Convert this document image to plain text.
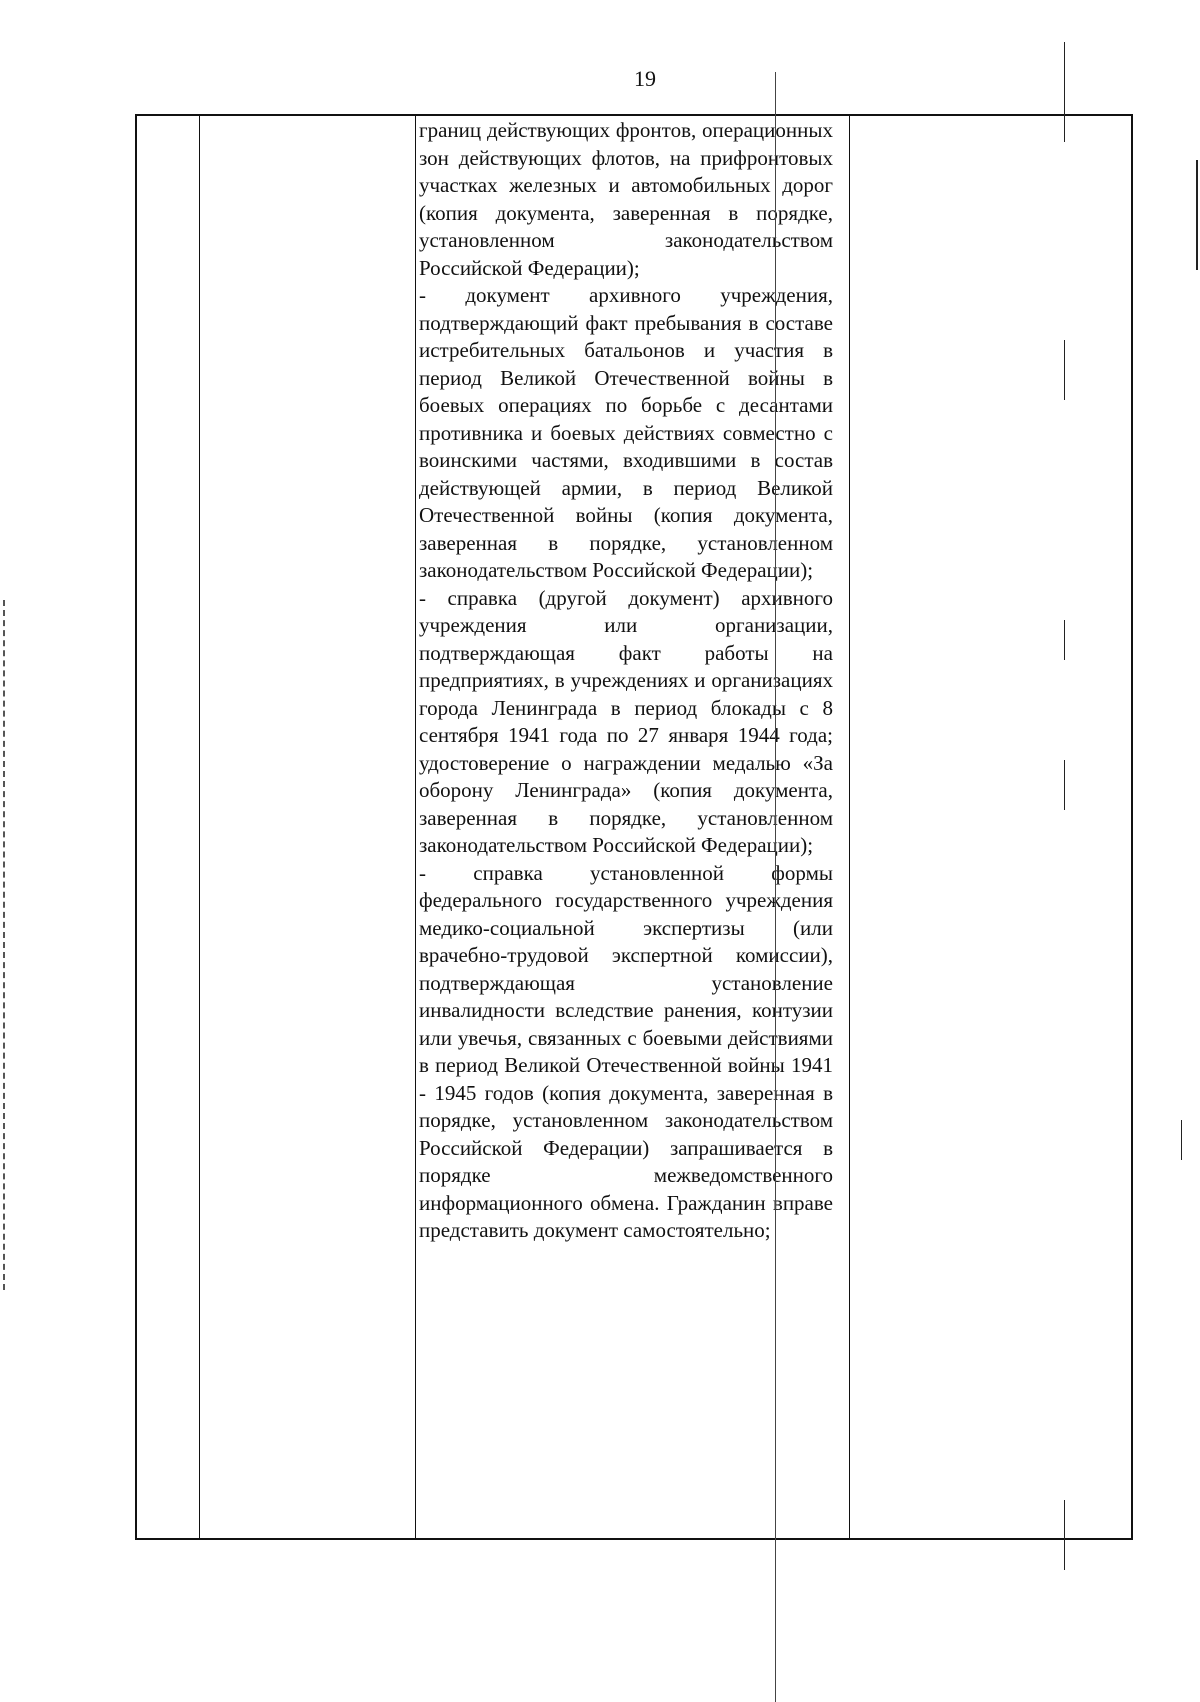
19

границ действующих фронтов, операционных зон действующих флотов, на прифронтовых участках железных и автомобильных дорог (копия документа, заверенная в порядке, установленном законодательством Российской Федерации);

- документ архивного учреждения, подтверждающий факт пребывания в составе истребительных батальонов и участия в период Великой Отечественной войны в боевых операциях по борьбе с десантами противника и боевых действиях совместно с воинскими частями, входившими в состав действующей армии, в период Великой Отечественной войны (копия документа, заверенная в порядке, установленном законодательством Российской Федерации);

- справка (другой документ) архивного учреждения или организации, подтверждающая факт работы на предприятиях, в учреждениях и организациях города Ленинграда в период блокады с 8 сентября 1941 года по 27 января 1944 года; удостоверение о награждении медалью «За оборону Ленинграда» (копия документа, заверенная в порядке, установленном законодательством Российской Федерации);

- справка установленной формы федерального государственного учреждения медико-социальной экспертизы (или врачебно-трудовой экспертной комиссии), подтверждающая установление инвалидности вследствие ранения, контузии или увечья, связанных с боевыми действиями в период Великой Отечественной войны 1941 - 1945 годов (копия документа, заверенная в порядке, установленном законодательством Российской Федерации) запрашивается в порядке межведомственного информационного обмена. Гражданин вправе представить документ самостоятельно;
